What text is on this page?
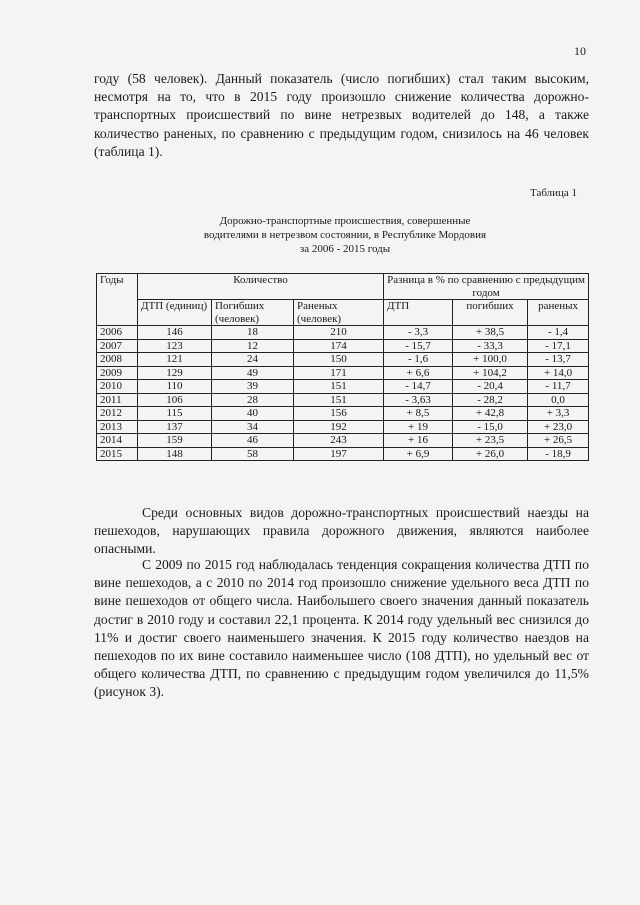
10

году (58 человек). Данный показатель (число погибших) стал таким высоким, несмотря на то, что в 2015 году произошло снижение количества дорожно-транспортных происшествий по вине нетрезвых водителей до 148, а также количество раненых, по сравнению с предыдущим годом, снизилось на 46 человек (таблица 1).

Таблица 1
Дорожно-транспортные происшествия, совершенные
водителями в нетрезвом состоянии, в Республике Мордовия
за 2006 - 2015 годы
Годы	Количество			Разница в % по сравнению с предыдущим годом		
	ДТП (единиц)	Погибших (человек)	Раненых (человек)	ДТП	погибших	раненых
2006	146	18	210	- 3,3	+ 38,5	- 1,4
2007	123	12	174	- 15,7	- 33,3	- 17,1
2008	121	24	150	- 1,6	+ 100,0	- 13,7
2009	129	49	171	+ 6,6	+ 104,2	+ 14,0
2010	110	39	151	- 14,7	- 20,4	- 11,7
2011	106	28	151	- 3,63	- 28,2	0,0
2012	115	40	156	+ 8,5	+ 42,8	+ 3,3
2013	137	34	192	+ 19	- 15,0	+ 23,0
2014	159	46	243	+ 16	+ 23,5	+ 26,5
2015	148	58	197	+ 6,9	+ 26,0	- 18,9

Среди основных видов дорожно-транспортных происшествий наезды на пешеходов, нарушающих правила дорожного движения, являются наиболее опасными.

С 2009 по 2015 год наблюдалась тенденция сокращения количества ДТП по вине пешеходов, а с 2010 по 2014 год произошло снижение удельного веса ДТП по вине пешеходов от общего числа. Наибольшего своего значения данный показатель достиг в 2010 году и составил 22,1 процента. К 2014 году удельный вес снизился до 11% и достиг своего наименьшего значения. К 2015 году количество наездов на пешеходов по их вине составило наименьшее число (108 ДТП), но удельный вес от общего количества ДТП, по сравнению с предыдущим годом увеличился до 11,5% (рисунок 3).
